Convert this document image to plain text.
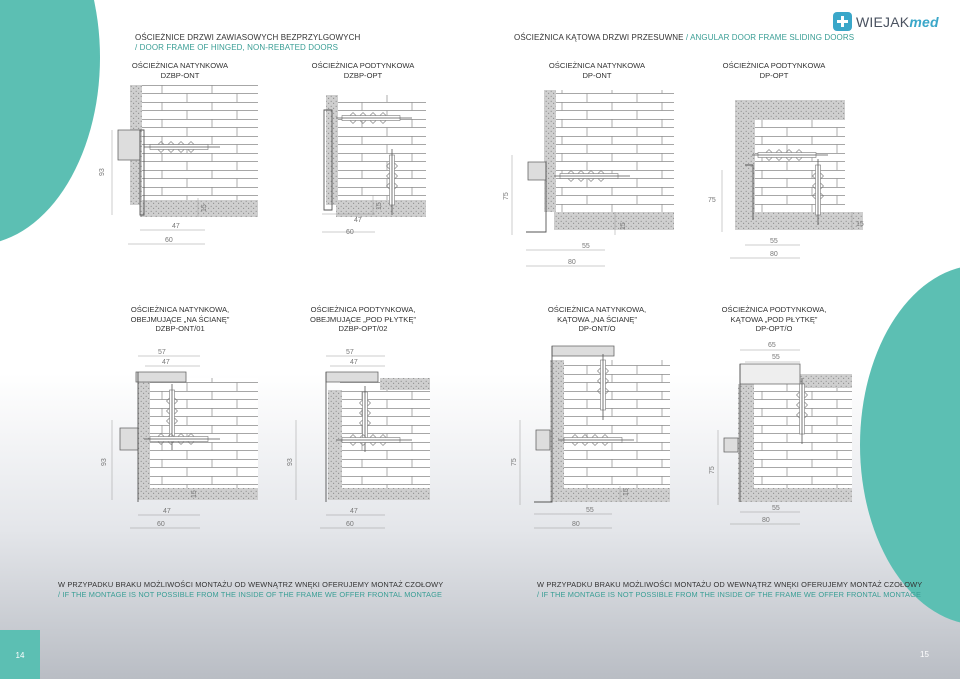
OŚCIEŻNICE DRZWI ZAWIASOWYCH BEZPRZYLGOWYCH
/ DOOR FRAME OF HINGED, NON-REBATED DOORS
OŚCIEŻNICA KĄTOWA DRZWI PRZESUWNE / ANGULAR DOOR FRAME SLIDING DOORS
WIEJAKmed
OŚCIEŻNICA NATYNKOWA
DZBP-ONT
OŚCIEŻNICA PODTYNKOWA
DZBP-OPT
OŚCIEŻNICA NATYNKOWA
DP-ONT
OŚCIEŻNICA PODTYNKOWA
DP-OPT
OŚCIEŻNICA NATYNKOWA,
OBEJMUJĄCE „NA ŚCIANĘ”
DZBP-ONT/01
OŚCIEŻNICA PODTYNKOWA,
OBEJMUJĄCE „POD PŁYTKĘ”
DZBP-OPT/02
OŚCIEŻNICA NATYNKOWA,
KĄTOWA „NA ŚCIANĘ”
DP-ONT/O
OŚCIEŻNICA PODTYNKOWA,
KĄTOWA „POD PŁYTKĘ”
DP-OPT/O
93
15
47
60
15
47
60
75
15
55
80
75
15
55
80
57
47
93
15
47
60
57
47
93
47
60
75
15
55
80
65
55
75
55
80
W PRZYPADKU BRAKU MOŻLIWOŚCI MONTAŻU OD WEWNĄTRZ WNĘKI OFERUJEMY MONTAŻ CZOŁOWY
/ IF THE MONTAGE IS NOT POSSIBLE FROM THE INSIDE OF THE FRAME WE OFFER FRONTAL MONTAGE
W PRZYPADKU BRAKU MOŻLIWOŚCI MONTAŻU OD WEWNĄTRZ WNĘKI OFERUJEMY MONTAŻ CZOŁOWY
/ IF THE MONTAGE IS NOT POSSIBLE FROM THE INSIDE OF THE FRAME WE OFFER FRONTAL MONTAGE
14	15
